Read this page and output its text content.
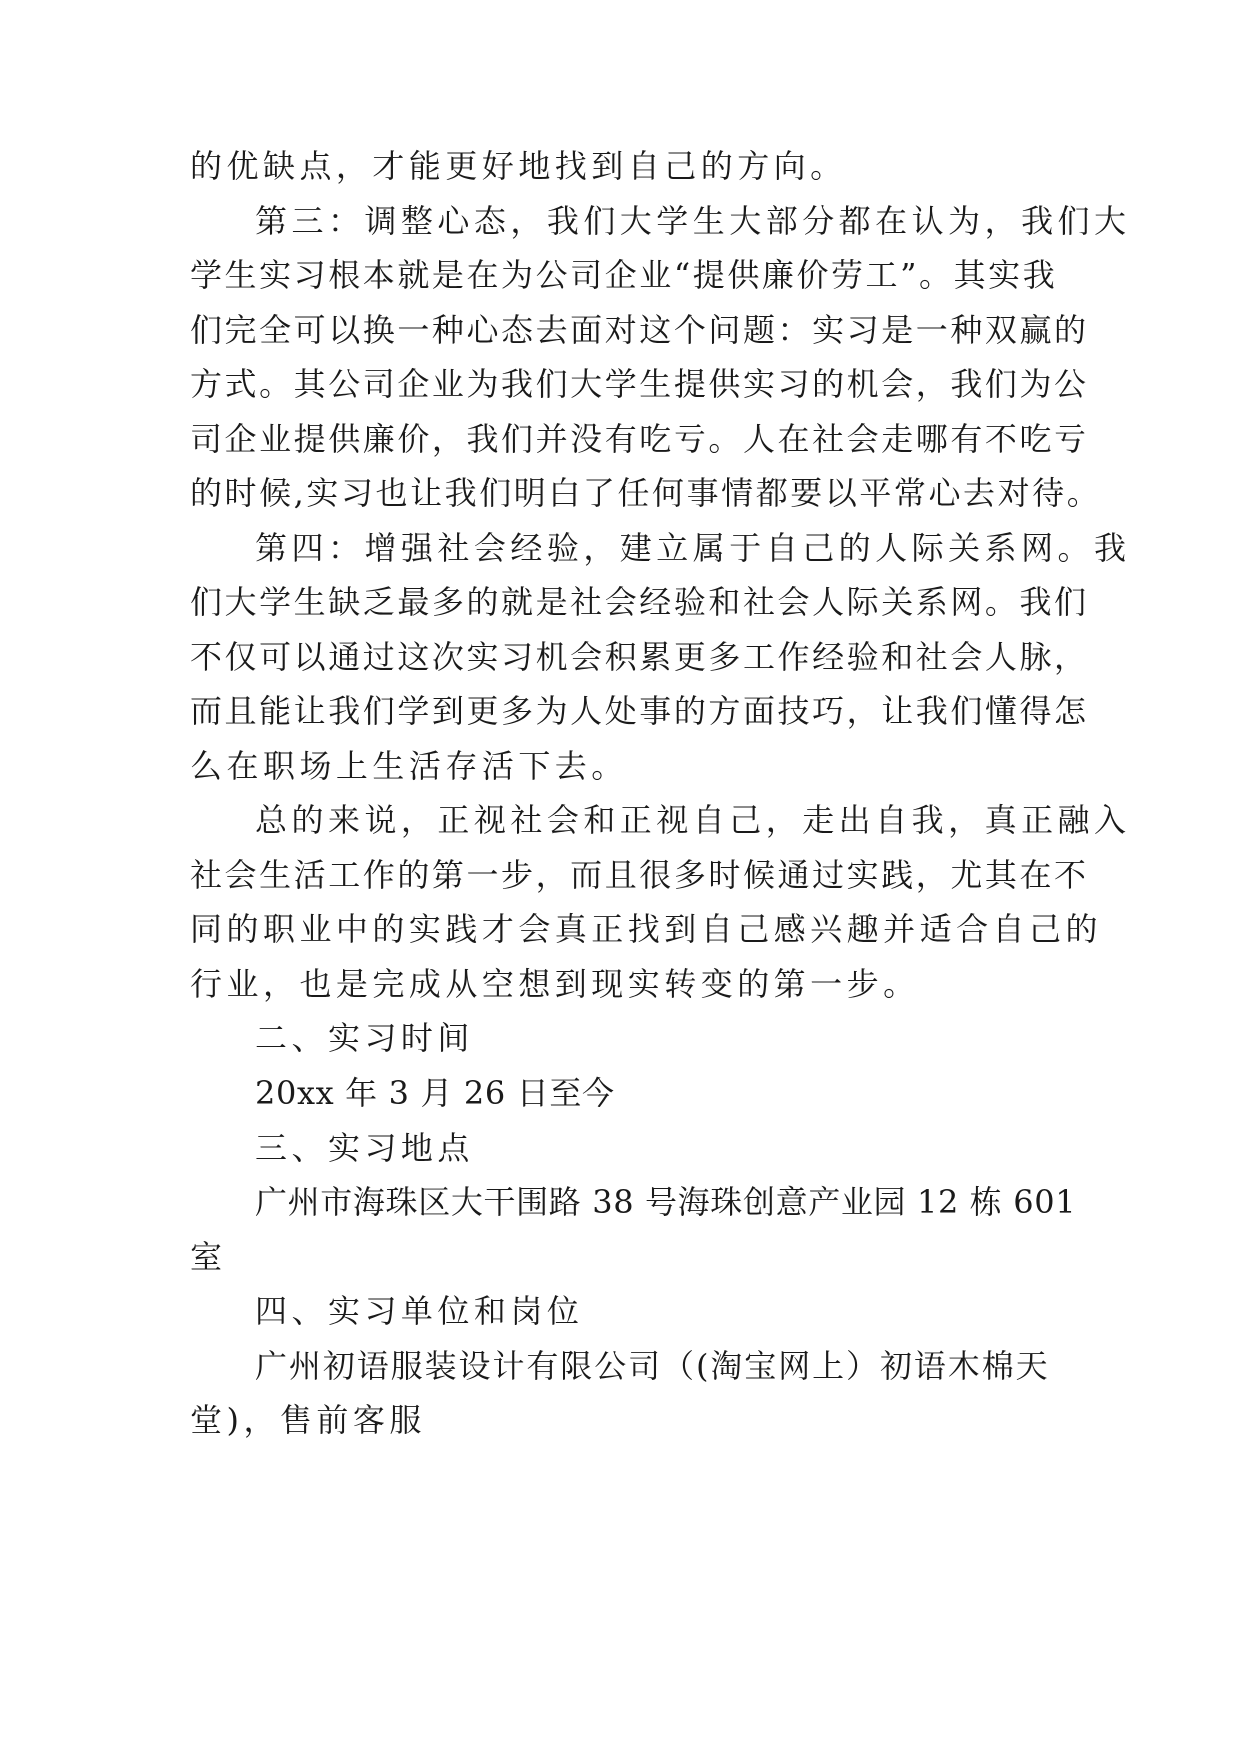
的优缺点，才能更好地找到自己的方向。
第三：调整心态，我们大学生大部分都在认为，我们大
学生实习根本就是在为公司企业“提供廉价劳工”。其实我
们完全可以换一种心态去面对这个问题：实习是一种双赢的
方式。其公司企业为我们大学生提供实习的机会，我们为公
司企业提供廉价，我们并没有吃亏。人在社会走哪有不吃亏
的时候,实习也让我们明白了任何事情都要以平常心去对待。
第四：增强社会经验，建立属于自己的人际关系网。我
们大学生缺乏最多的就是社会经验和社会人际关系网。我们
不仅可以通过这次实习机会积累更多工作经验和社会人脉，
而且能让我们学到更多为人处事的方面技巧，让我们懂得怎
么在职场上生活存活下去。
总的来说，正视社会和正视自己，走出自我，真正融入
社会生活工作的第一步，而且很多时候通过实践，尤其在不
同的职业中的实践才会真正找到自己感兴趣并适合自己的
行业，也是完成从空想到现实转变的第一步。
二、实习时间
20xx 年 3 月 26 日至今
三、实习地点
广州市海珠区大干围路 38 号海珠创意产业园 12 栋 601
室
四、实习单位和岗位
广州初语服装设计有限公司（(淘宝网上）初语木棉天
堂)，售前客服
